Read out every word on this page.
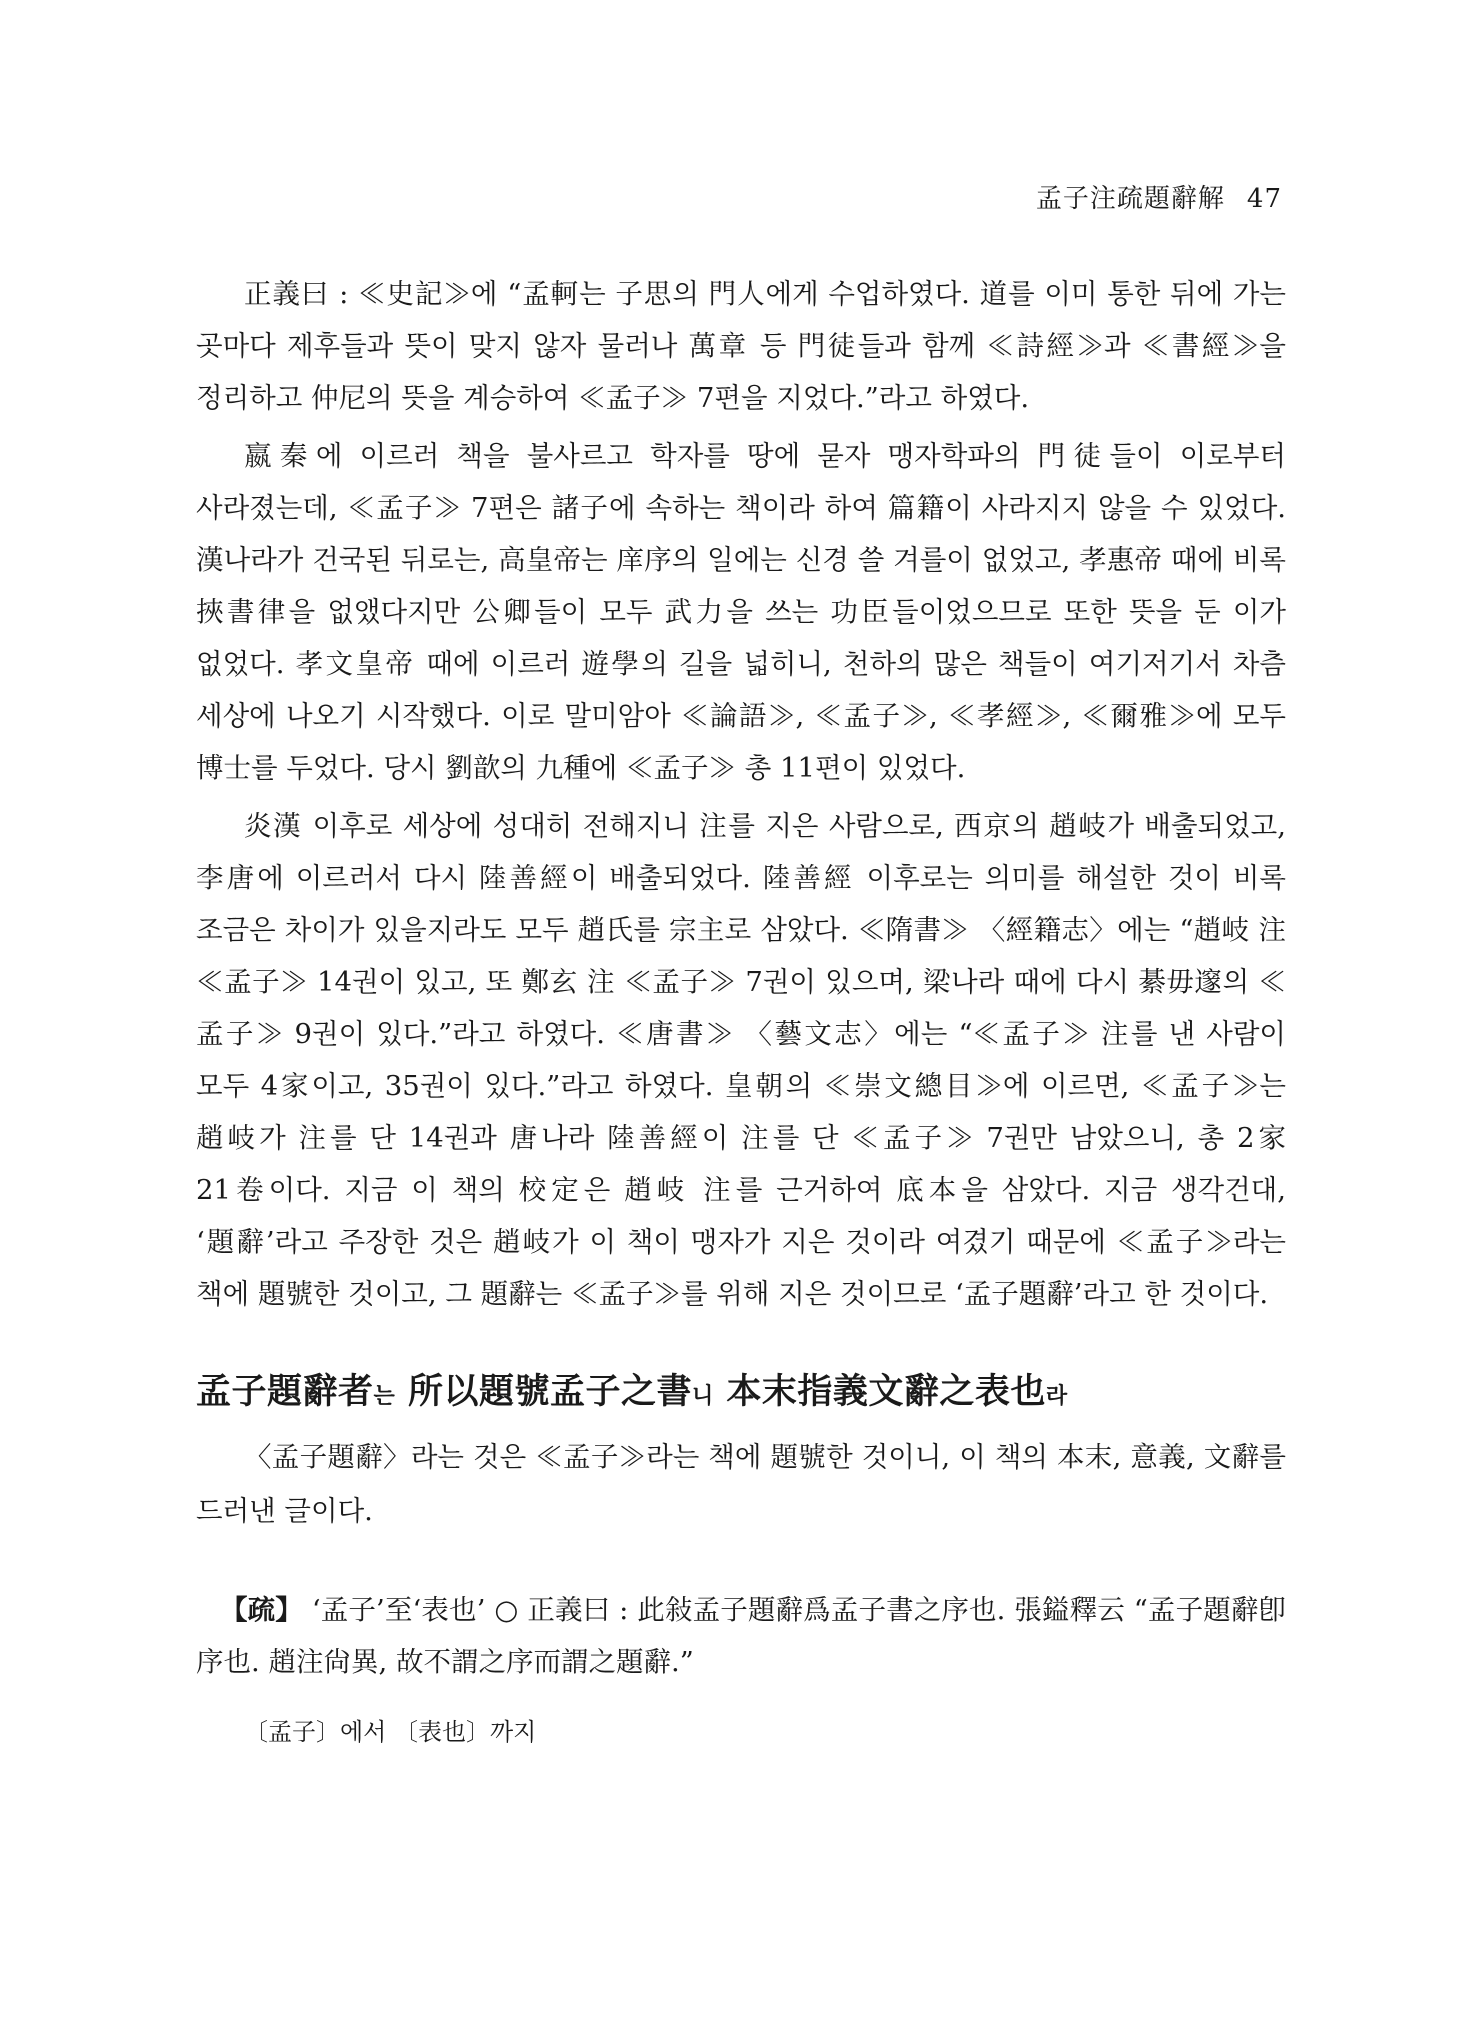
孟子注疏題辭解 47

正義曰 : ≪史記≫에 “孟軻는 子思의 門人에게 수업하였다. 道를 이미 통한 뒤에 가는 곳마다 제후들과 뜻이 맞지 않자 물러나 萬章 등 門徒들과 함께 ≪詩經≫과 ≪書經≫을 정리하고 仲尼의 뜻을 계승하여 ≪孟子≫ 7편을 지었다.”라고 하였다.

嬴秦에 이르러 책을 불사르고 학자를 땅에 묻자 맹자학파의 門徒들이 이로부터 사라졌는데, ≪孟子≫ 7편은 諸子에 속하는 책이라 하여 篇籍이 사라지지 않을 수 있었다. 漢나라가 건국된 뒤로는, 高皇帝는 庠序의 일에는 신경 쓸 겨를이 없었고, 孝惠帝 때에 비록 挾書律을 없앴다지만 公卿들이 모두 武力을 쓰는 功臣들이었으므로 또한 뜻을 둔 이가 없었다. 孝文皇帝 때에 이르러 遊學의 길을 넓히니, 천하의 많은 책들이 여기저기서 차츰 세상에 나오기 시작했다. 이로 말미암아 ≪論語≫, ≪孟子≫, ≪孝經≫, ≪爾雅≫에 모두 博士를 두었다. 당시 劉歆의 九種에 ≪孟子≫ 총 11편이 있었다.

炎漢 이후로 세상에 성대히 전해지니 注를 지은 사람으로, 西京의 趙岐가 배출되었고, 李唐에 이르러서 다시 陸善經이 배출되었다. 陸善經 이후로는 의미를 해설한 것이 비록 조금은 차이가 있을지라도 모두 趙氏를 宗主로 삼았다. ≪隋書≫ 〈經籍志〉에는 “趙岐 注 ≪孟子≫ 14권이 있고, 또 鄭玄 注 ≪孟子≫ 7권이 있으며, 梁나라 때에 다시 綦毋邃의 ≪孟子≫ 9권이 있다.”라고 하였다. ≪唐書≫ 〈藝文志〉에는 “≪孟子≫ 注를 낸 사람이 모두 4家이고, 35권이 있다.”라고 하였다. 皇朝의 ≪崇文總目≫에 이르면, ≪孟子≫는 趙岐가 注를 단 14권과 唐나라 陸善經이 注를 단 ≪孟子≫ 7권만 남았으니, 총 2家 21卷이다. 지금 이 책의 校定은 趙岐 注를 근거하여 底本을 삼았다. 지금 생각건대, ‘題辭’라고 주장한 것은 趙岐가 이 책이 맹자가 지은 것이라 여겼기 때문에 ≪孟子≫라는 책에 題號한 것이고, 그 題辭는 ≪孟子≫를 위해 지은 것이므로 ‘孟子題辭’라고 한 것이다.

孟子題辭者는 所以題號孟子之書니 本末指義文辭之表也라

〈孟子題辭〉라는 것은 ≪孟子≫라는 책에 題號한 것이니, 이 책의 本末, 意義, 文辭를 드러낸 글이다.

【疏】 ‘孟子’至‘表也’ ○ 正義曰 : 此敍孟子題辭爲孟子書之序也. 張鎰釋云 “孟子題辭卽序也. 趙注尙異, 故不謂之序而謂之題辭.”

〔孟子〕에서 〔表也〕까지
